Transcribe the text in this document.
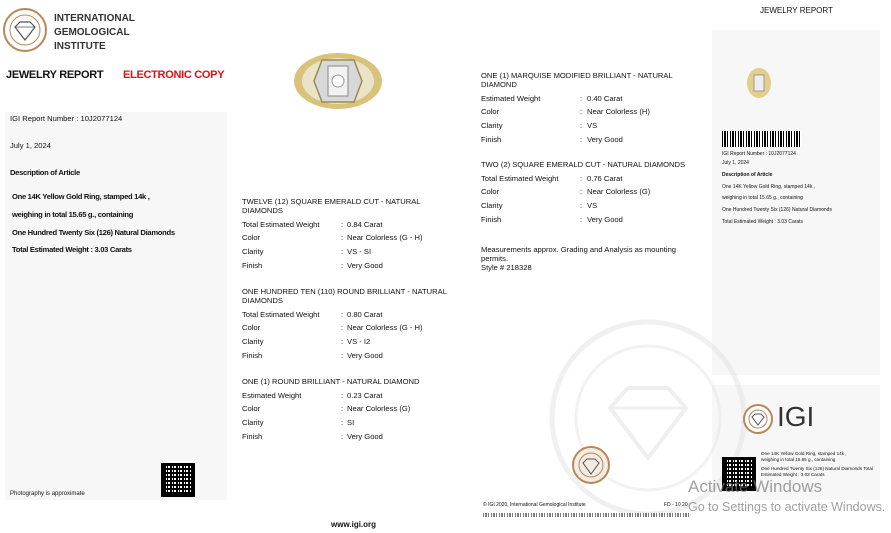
INTERNATIONAL
GEMOLOGICAL
INSTITUTE
JEWELRY REPORT ELECTRONIC COPY
JEWELRY REPORT
IGI Report Number : 10J2077124
July 1, 2024
Description of Article
One 14K Yellow Gold Ring, stamped 14k ,
weighing in total 15.65 g., containing
One Hundred Twenty Six (126) Natural Diamonds
Total Estimated Weight : 3.03 Carats
Photography is approximate
www.igi.org
TWELVE (12) SQUARE EMERALD CUT - NATURAL
DIAMONDS
Total Estimated Weight	: 0.84 Carat
Color	: Near Colorless (G - H)
Clarity	: VS - SI
Finish	: Very Good
ONE HUNDRED TEN (110) ROUND BRILLIANT - NATURAL
DIAMONDS
Total Estimated Weight	: 0.80 Carat
Color	: Near Colorless (G - H)
Clarity	: VS - I2
Finish	: Very Good
ONE (1) ROUND BRILLIANT - NATURAL DIAMOND
Estimated Weight	: 0.23 Carat
Color	: Near Colorless (G)
Clarity	: SI
Finish	: Very Good
ONE (1) MARQUISE MODIFIED BRILLIANT - NATURAL
DIAMOND
Estimated Weight	: 0.40 Carat
Color	: Near Colorless (H)
Clarity	: VS
Finish	: Very Good
TWO (2) SQUARE EMERALD CUT - NATURAL DIAMONDS
Total Estimated Weight	: 0.76 Carat
Color	: Near Colorless (G)
Clarity	: VS
Finish	: Very Good
Measurements approx. Grading and Analysis as mounting
permits.
Style # 218328
© IGI 2020, International Gemological Institute	FD - 10 20
IGI Report Number : 10J2077124
July 1, 2024
Description of Article
One 14K Yellow Gold Ring, stamped 14k ,
weighing in total 15.65 g., containing
One Hundred Twenty Six (126) Natural Diamonds
Total Estimated Weight : 3.03 Carats
IGI
One 14K Yellow Gold Ring, stamped 14k ,
weighing in total 15.65 g., containing
One Hundred Twenty Six (126) Natural Diamonds Total
Estimated Weight : 3.03 Carats
Activate Windows
Go to Settings to activate Windows.
